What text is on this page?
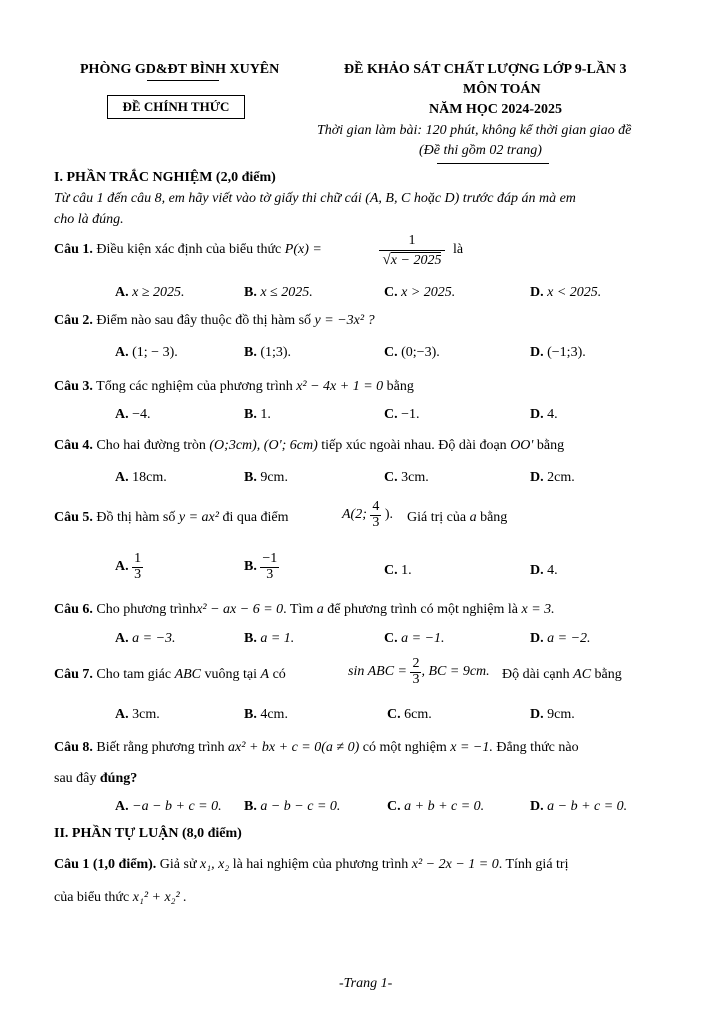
PHÒNG GD&ĐT BÌNH XUYÊN
ĐỀ CHÍNH THỨC
ĐỀ KHẢO SÁT CHẤT LƯỢNG LỚP 9-LẦN 3
MÔN TOÁN
NĂM HỌC 2024-2025
Thời gian làm bài: 120 phút, không kể thời gian giao đề
(Đề thi gồm 02 trang)
I. PHẦN TRẮC NGHIỆM (2,0 điểm)
Từ câu 1 đến câu 8, em hãy viết vào tờ giấy thi chữ cái (A, B, C hoặc D) trước đáp án mà em
cho là đúng.
Câu 1. Điều kiện xác định của biểu thức P(x) =
1
√x − 2025
là
A. x ≥ 2025.	B. x ≤ 2025.	C. x > 2025.	D. x < 2025.
Câu 2. Điểm nào sau đây thuộc đồ thị hàm số y = −3x² ?
A. (1; − 3).	B. (1;3).	C. (0;−3).	D. (−1;3).
Câu 3. Tổng các nghiệm của phương trình x² − 4x + 1 = 0 bằng
A. −4.	B. 1.	C. −1.	D. 4.
Câu 4. Cho hai đường tròn (O;3cm), (O'; 6cm) tiếp xúc ngoài nhau. Độ dài đoạn OO' bằng
A. 18cm.	B. 9cm.	C. 3cm.	D. 2cm.
Câu 5. Đồ thị hàm số y = ax² đi qua điểm	A(2; $\frac{4}{3}$ ). Giá trị của a bằng
A. $\frac{1}{3}$	B. $\frac{-1}{3}$	C. 1.	D. 4.
Câu 6. Cho phương trìnhx² − ax − 6 = 0. Tìm a để phương trình có một nghiệm là x = 3.
A. a = −3.	B. a = 1.	C. a = −1.	D. a = −2.
Câu 7. Cho tam giác ABC vuông tại A có	sin ABC = $\frac{2}{3}$ , BC = 9cm. Độ dài cạnh AC bằng
A. 3cm.	B. 4cm.	C. 6cm.	D. 9cm.
Câu 8. Biết rằng phương trình ax² + bx + c = 0(a ≠ 0) có một nghiệm x = −1. Đẳng thức nào
sau đây đúng?
A. −a − b + c = 0. B. a − b − c = 0.	C. a + b + c = 0.	D. a − b + c = 0.
II. PHẦN TỰ LUẬN (8,0 điểm)
Câu 1 (1,0 điểm). Giả sử x₁, x₂ là hai nghiệm của phương trình x² − 2x − 1 = 0. Tính giá trị
của biểu thức x₁² + x₂² .
-Trang 1-
